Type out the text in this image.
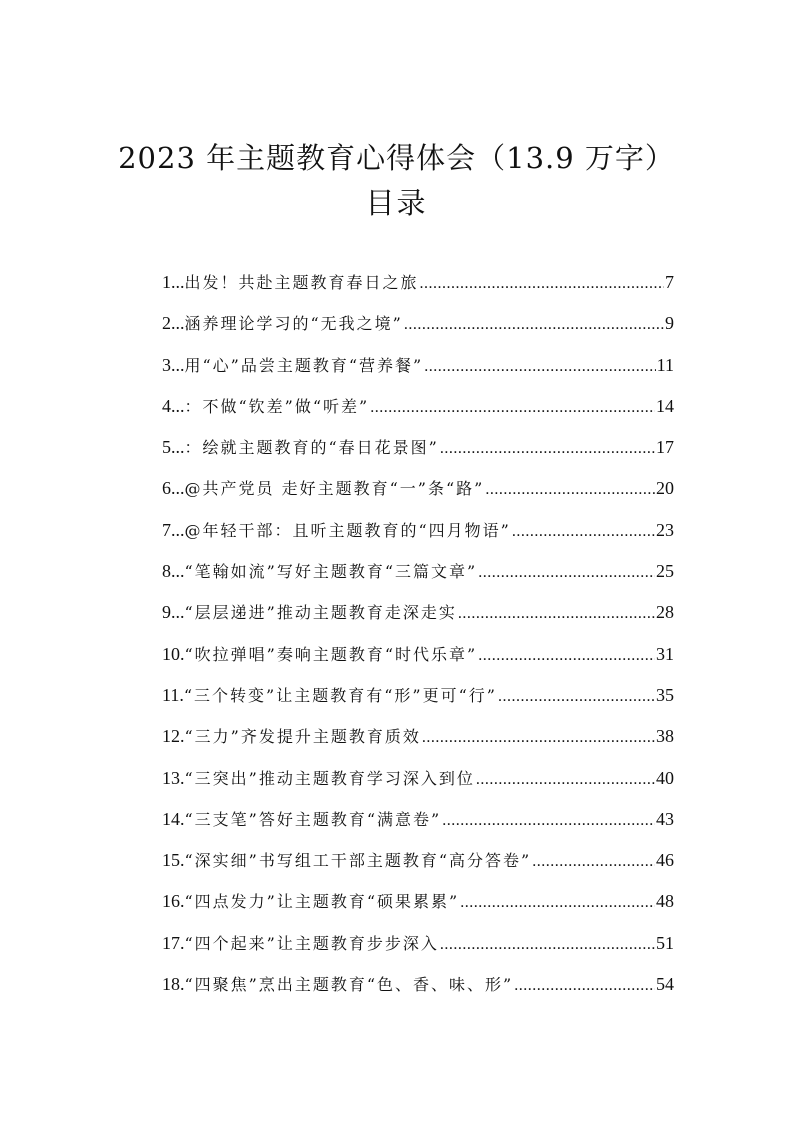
2023 年主题教育心得体会（13.9 万字）
目录
1... 出发！共赴主题教育春日之旅 .....	7
2... 涵养理论学习的“无我之境” .....	9
3... 用“心”品尝主题教育“营养餐” .....	11
4... ：不做“钦差”做“听差” .....	14
5... ：绘就主题教育的“春日花景图” .....	17
6... @共产党员 走好主题教育“一”条“路” .....	20
7... @年轻干部：且听主题教育的“四月物语” .....	23
8... “笔翰如流”写好主题教育“三篇文章” .....	25
9... “层层递进”推动主题教育走深走实 .....	28
10. “吹拉弹唱”奏响主题教育“时代乐章” .....	31
11. “三个转变”让主题教育有“形”更可“行” .....	35
12. “三力”齐发提升主题教育质效 .....	38
13. “三突出”推动主题教育学习深入到位 .....	40
14. “三支笔”答好主题教育“满意卷” .....	43
15. “深实细”书写组工干部主题教育“高分答卷” .....	46
16. “四点发力”让主题教育“硕果累累” .....	48
17. “四个起来”让主题教育步步深入 .....	51
18. “四聚焦”烹出主题教育“色、香、味、形” .....	54
